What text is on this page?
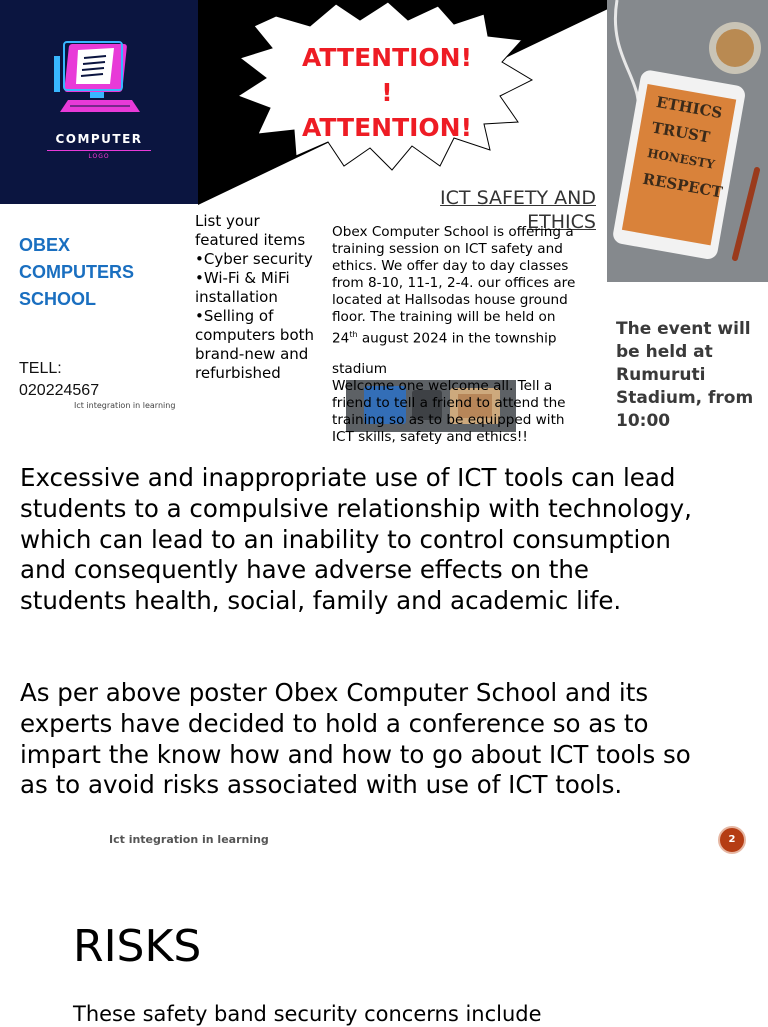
COMPUTER
LOGO
ATTENTION!
!
ATTENTION!
ETHICS
TRUST
HONESTY
RESPECT
ICT SAFETY AND ETHICS
OBEX
COMPUTERS
SCHOOL
TELL:
020224567
Ict integration in learning
List your featured items
•Cyber security
•Wi-Fi & MiFi installation
•Selling of computers both brand-new and refurbished
Obex Computer School is offering a
training session on ICT safety and
ethics. We offer day to day classes
from 8-10, 11-1, 2-4. our offices are
located at Hallsodas house ground
floor. The training will be held on
24th august 2024 in the township
stadium
Welcome one welcome all. Tell a
friend to tell a friend to attend the
training so as to be equipped with
ICT skills, safety and ethics!!
The event will be held at Rumuruti Stadium, from 10:00
Excessive and inappropriate use of ICT tools can lead students to a compulsive relationship with technology, which can lead to an inability to control consumption and consequently have adverse effects on the students health, social, family and academic life.
As per above poster Obex Computer School and its experts have decided to hold a conference so as to impart the know how and how to go about ICT tools so as to avoid risks associated with use of ICT tools.
Ict integration in learning	2
RISKS
These safety band security concerns include
